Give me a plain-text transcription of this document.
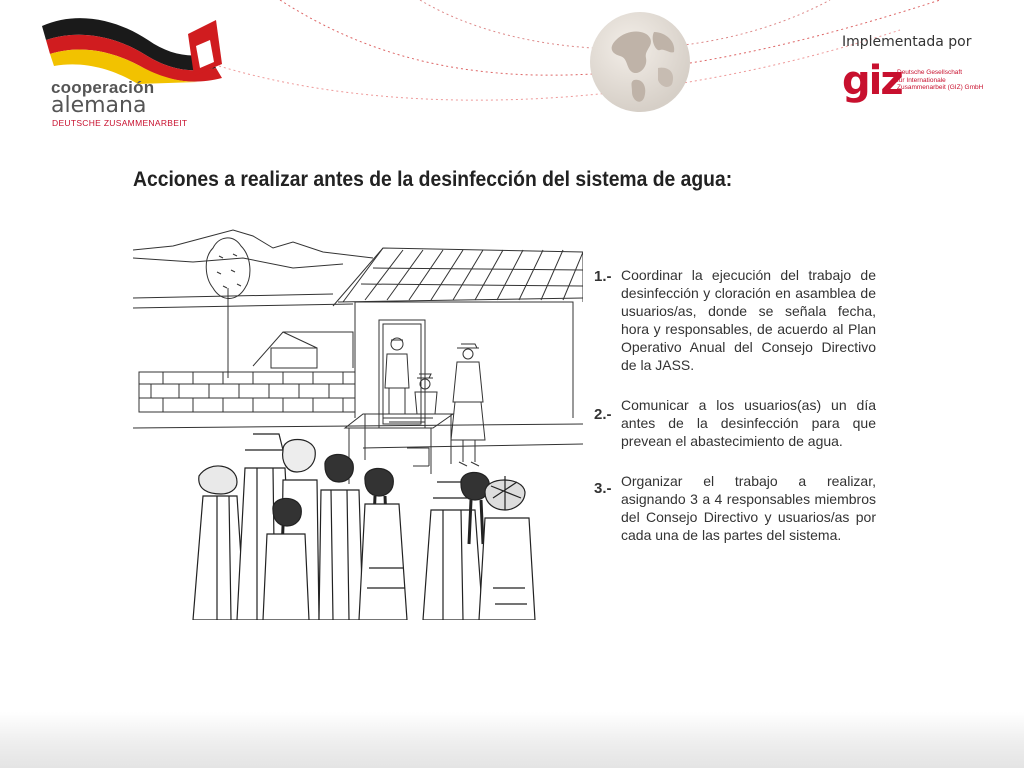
cooperación
alemana
DEUTSCHE ZUSAMMENARBEIT
Implementada por
giz
Deutsche Gesellschaft
für Internationale
Zusammenarbeit (GIZ) GmbH
Acciones a realizar antes de la desinfección del sistema de agua:
1.- Coordinar la ejecución del trabajo de desinfección y cloración en asamblea de usuarios/as, donde se señala fecha, hora y responsables, de acuerdo al Plan Operativo Anual del Consejo Directivo de la JASS.
2.-
Comunicar a los usuarios(as) un día antes de la desinfección para que prevean el abastecimiento de agua.
3.- Organizar el trabajo a realizar, asignando 3 a 4 responsables miembros del Consejo Directivo y usuarios/as por cada una de las partes del sistema.
